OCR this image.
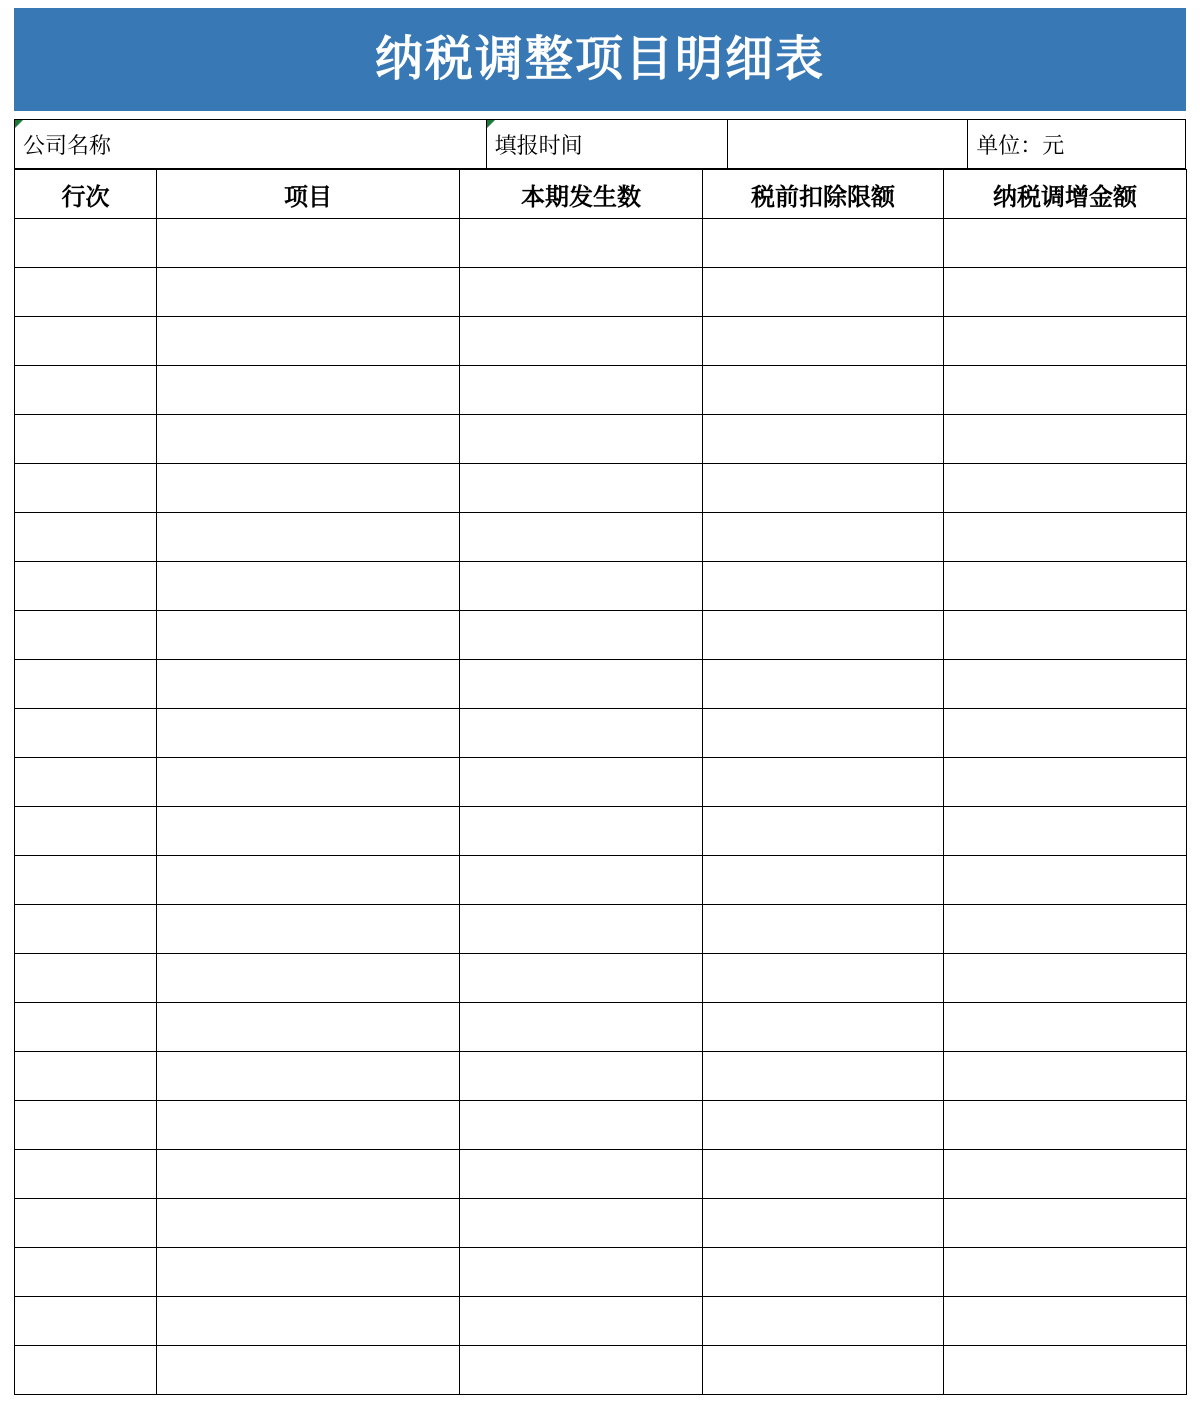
纳税调整项目明细表
公司名称	填报时间	单位：元
行次	项目	本期发生数	税前扣除限额	纳税调增金额
